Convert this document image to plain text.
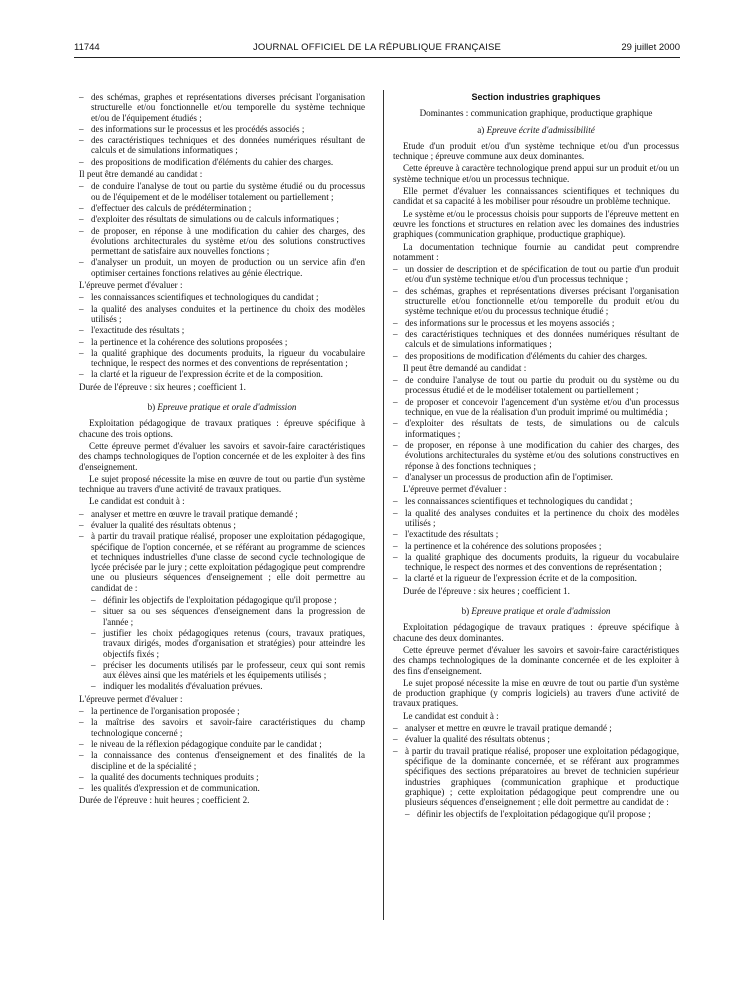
11744	JOURNAL OFFICIEL DE LA RÉPUBLIQUE FRANÇAISE	29 juillet 2000
– des schémas, graphes et représentations diverses précisant l'organisation structurelle et/ou fonctionnelle et/ou temporelle du système technique et/ou de l'équipement étudiés ;
– des informations sur le processus et les procédés associés ;
– des caractéristiques techniques et des données numériques résultant de calculs et de simulations informatiques ;
– des propositions de modification d'éléments du cahier des charges.

Il peut être demandé au candidat :

– de conduire l'analyse de tout ou partie du système étudié ou du processus ou de l'équipement et de le modéliser totalement ou partiellement ;
– d'effectuer des calculs de prédétermination ;
– d'exploiter des résultats de simulations ou de calculs informatiques ;
– de proposer, en réponse à une modification du cahier des charges, des évolutions architecturales du système et/ou des solutions constructives permettant de satisfaire aux nouvelles fonctions ;
– d'analyser un produit, un moyen de production ou un service afin d'en optimiser certaines fonctions relatives au génie électrique.

L'épreuve permet d'évaluer :

– les connaissances scientifiques et technologiques du candidat ;
– la qualité des analyses conduites et la pertinence du choix des modèles utilisés ;
– l'exactitude des résultats ;
– la pertinence et la cohérence des solutions proposées ;
– la qualité graphique des documents produits, la rigueur du vocabulaire technique, le respect des normes et des conventions de représentation ;
– la clarté et la rigueur de l'expression écrite et de la composition.

Durée de l'épreuve : six heures ; coefficient 1.

b) Epreuve pratique et orale d'admission

Exploitation pédagogique de travaux pratiques : épreuve spécifique à chacune des trois options.

Cette épreuve permet d'évaluer les savoirs et savoir-faire caractéristiques des champs technologiques de l'option concernée et de les exploiter à des fins d'enseignement.

Le sujet proposé nécessite la mise en œuvre de tout ou partie d'un système technique au travers d'une activité de travaux pratiques.

Le candidat est conduit à :

– analyser et mettre en œuvre le travail pratique demandé ;
– évaluer la qualité des résultats obtenus ;
– à partir du travail pratique réalisé, proposer une exploitation pédagogique, spécifique de l'option concernée, et se référant au programme de sciences et techniques industrielles d'une classe de second cycle technologique de lycée précisée par le jury ; cette exploitation pédagogique peut comprendre une ou plusieurs séquences d'enseignement ; elle doit permettre au candidat de :
– définir les objectifs de l'exploitation pédagogique qu'il propose ;
– situer sa ou ses séquences d'enseignement dans la progression de l'année ;
– justifier les choix pédagogiques retenus (cours, travaux pratiques, travaux dirigés, modes d'organisation et stratégies) pour atteindre les objectifs fixés ;
– préciser les documents utilisés par le professeur, ceux qui sont remis aux élèves ainsi que les matériels et les équipements utilisés ;
– indiquer les modalités d'évaluation prévues.

L'épreuve permet d'évaluer :

– la pertinence de l'organisation proposée ;
– la maîtrise des savoirs et savoir-faire caractéristiques du champ technologique concerné ;
– le niveau de la réflexion pédagogique conduite par le candidat ;
– la connaissance des contenus d'enseignement et des finalités de la discipline et de la spécialité ;
– la qualité des documents techniques produits ;
– les qualités d'expression et de communication.

Durée de l'épreuve : huit heures ; coefficient 2.

Section industries graphiques
Dominantes : communication graphique, productique graphique
a) Epreuve écrite d'admissibilité

Etude d'un produit et/ou d'un système technique et/ou d'un processus technique ; épreuve commune aux deux dominantes.

Cette épreuve à caractère technologique prend appui sur un produit et/ou un système technique et/ou un processus technique.

Elle permet d'évaluer les connaissances scientifiques et techniques du candidat et sa capacité à les mobiliser pour résoudre un problème technique.

Le système et/ou le processus choisis pour supports de l'épreuve mettent en œuvre les fonctions et structures en relation avec les domaines des industries graphiques (communication graphique, productique graphique).

La documentation technique fournie au candidat peut comprendre notamment :

– un dossier de description et de spécification de tout ou partie d'un produit et/ou d'un système technique et/ou d'un processus technique ;
– des schémas, graphes et représentations diverses précisant l'organisation structurelle et/ou fonctionnelle et/ou temporelle du produit et/ou du système technique et/ou du processus technique étudié ;
– des informations sur le processus et les moyens associés ;
– des caractéristiques techniques et des données numériques résultant de calculs et de simulations informatiques ;
– des propositions de modification d'éléments du cahier des charges.

Il peut être demandé au candidat :

– de conduire l'analyse de tout ou partie du produit ou du système ou du processus étudié et de le modéliser totalement ou partiellement ;
– de proposer et concevoir l'agencement d'un système et/ou d'un processus technique, en vue de la réalisation d'un produit imprimé ou multimédia ;
– d'exploiter des résultats de tests, de simulations ou de calculs informatiques ;
– de proposer, en réponse à une modification du cahier des charges, des évolutions architecturales du système et/ou des solutions constructives en réponse à des fonctions techniques ;
– d'analyser un processus de production afin de l'optimiser.

L'épreuve permet d'évaluer :

– les connaissances scientifiques et technologiques du candidat ;
– la qualité des analyses conduites et la pertinence du choix des modèles utilisés ;
– l'exactitude des résultats ;
– la pertinence et la cohérence des solutions proposées ;
– la qualité graphique des documents produits, la rigueur du vocabulaire technique, le respect des normes et des conventions de représentation ;
– la clarté et la rigueur de l'expression écrite et de la composition.

Durée de l'épreuve : six heures ; coefficient 1.

b) Epreuve pratique et orale d'admission

Exploitation pédagogique de travaux pratiques : épreuve spécifique à chacune des deux dominantes.

Cette épreuve permet d'évaluer les savoirs et savoir-faire caractéristiques des champs technologiques de la dominante concernée et de les exploiter à des fins d'enseignement.

Le sujet proposé nécessite la mise en œuvre de tout ou partie d'un système de production graphique (y compris logiciels) au travers d'une activité de travaux pratiques.

Le candidat est conduit à :

– analyser et mettre en œuvre le travail pratique demandé ;
– évaluer la qualité des résultats obtenus ;
– à partir du travail pratique réalisé, proposer une exploitation pédagogique, spécifique de la dominante concernée, et se référant aux programmes spécifiques des sections préparatoires au brevet de technicien supérieur industries graphiques (communication graphique et productique graphique) ; cette exploitation pédagogique peut comprendre une ou plusieurs séquences d'enseignement ; elle doit permettre au candidat de :
– définir les objectifs de l'exploitation pédagogique qu'il propose ;
